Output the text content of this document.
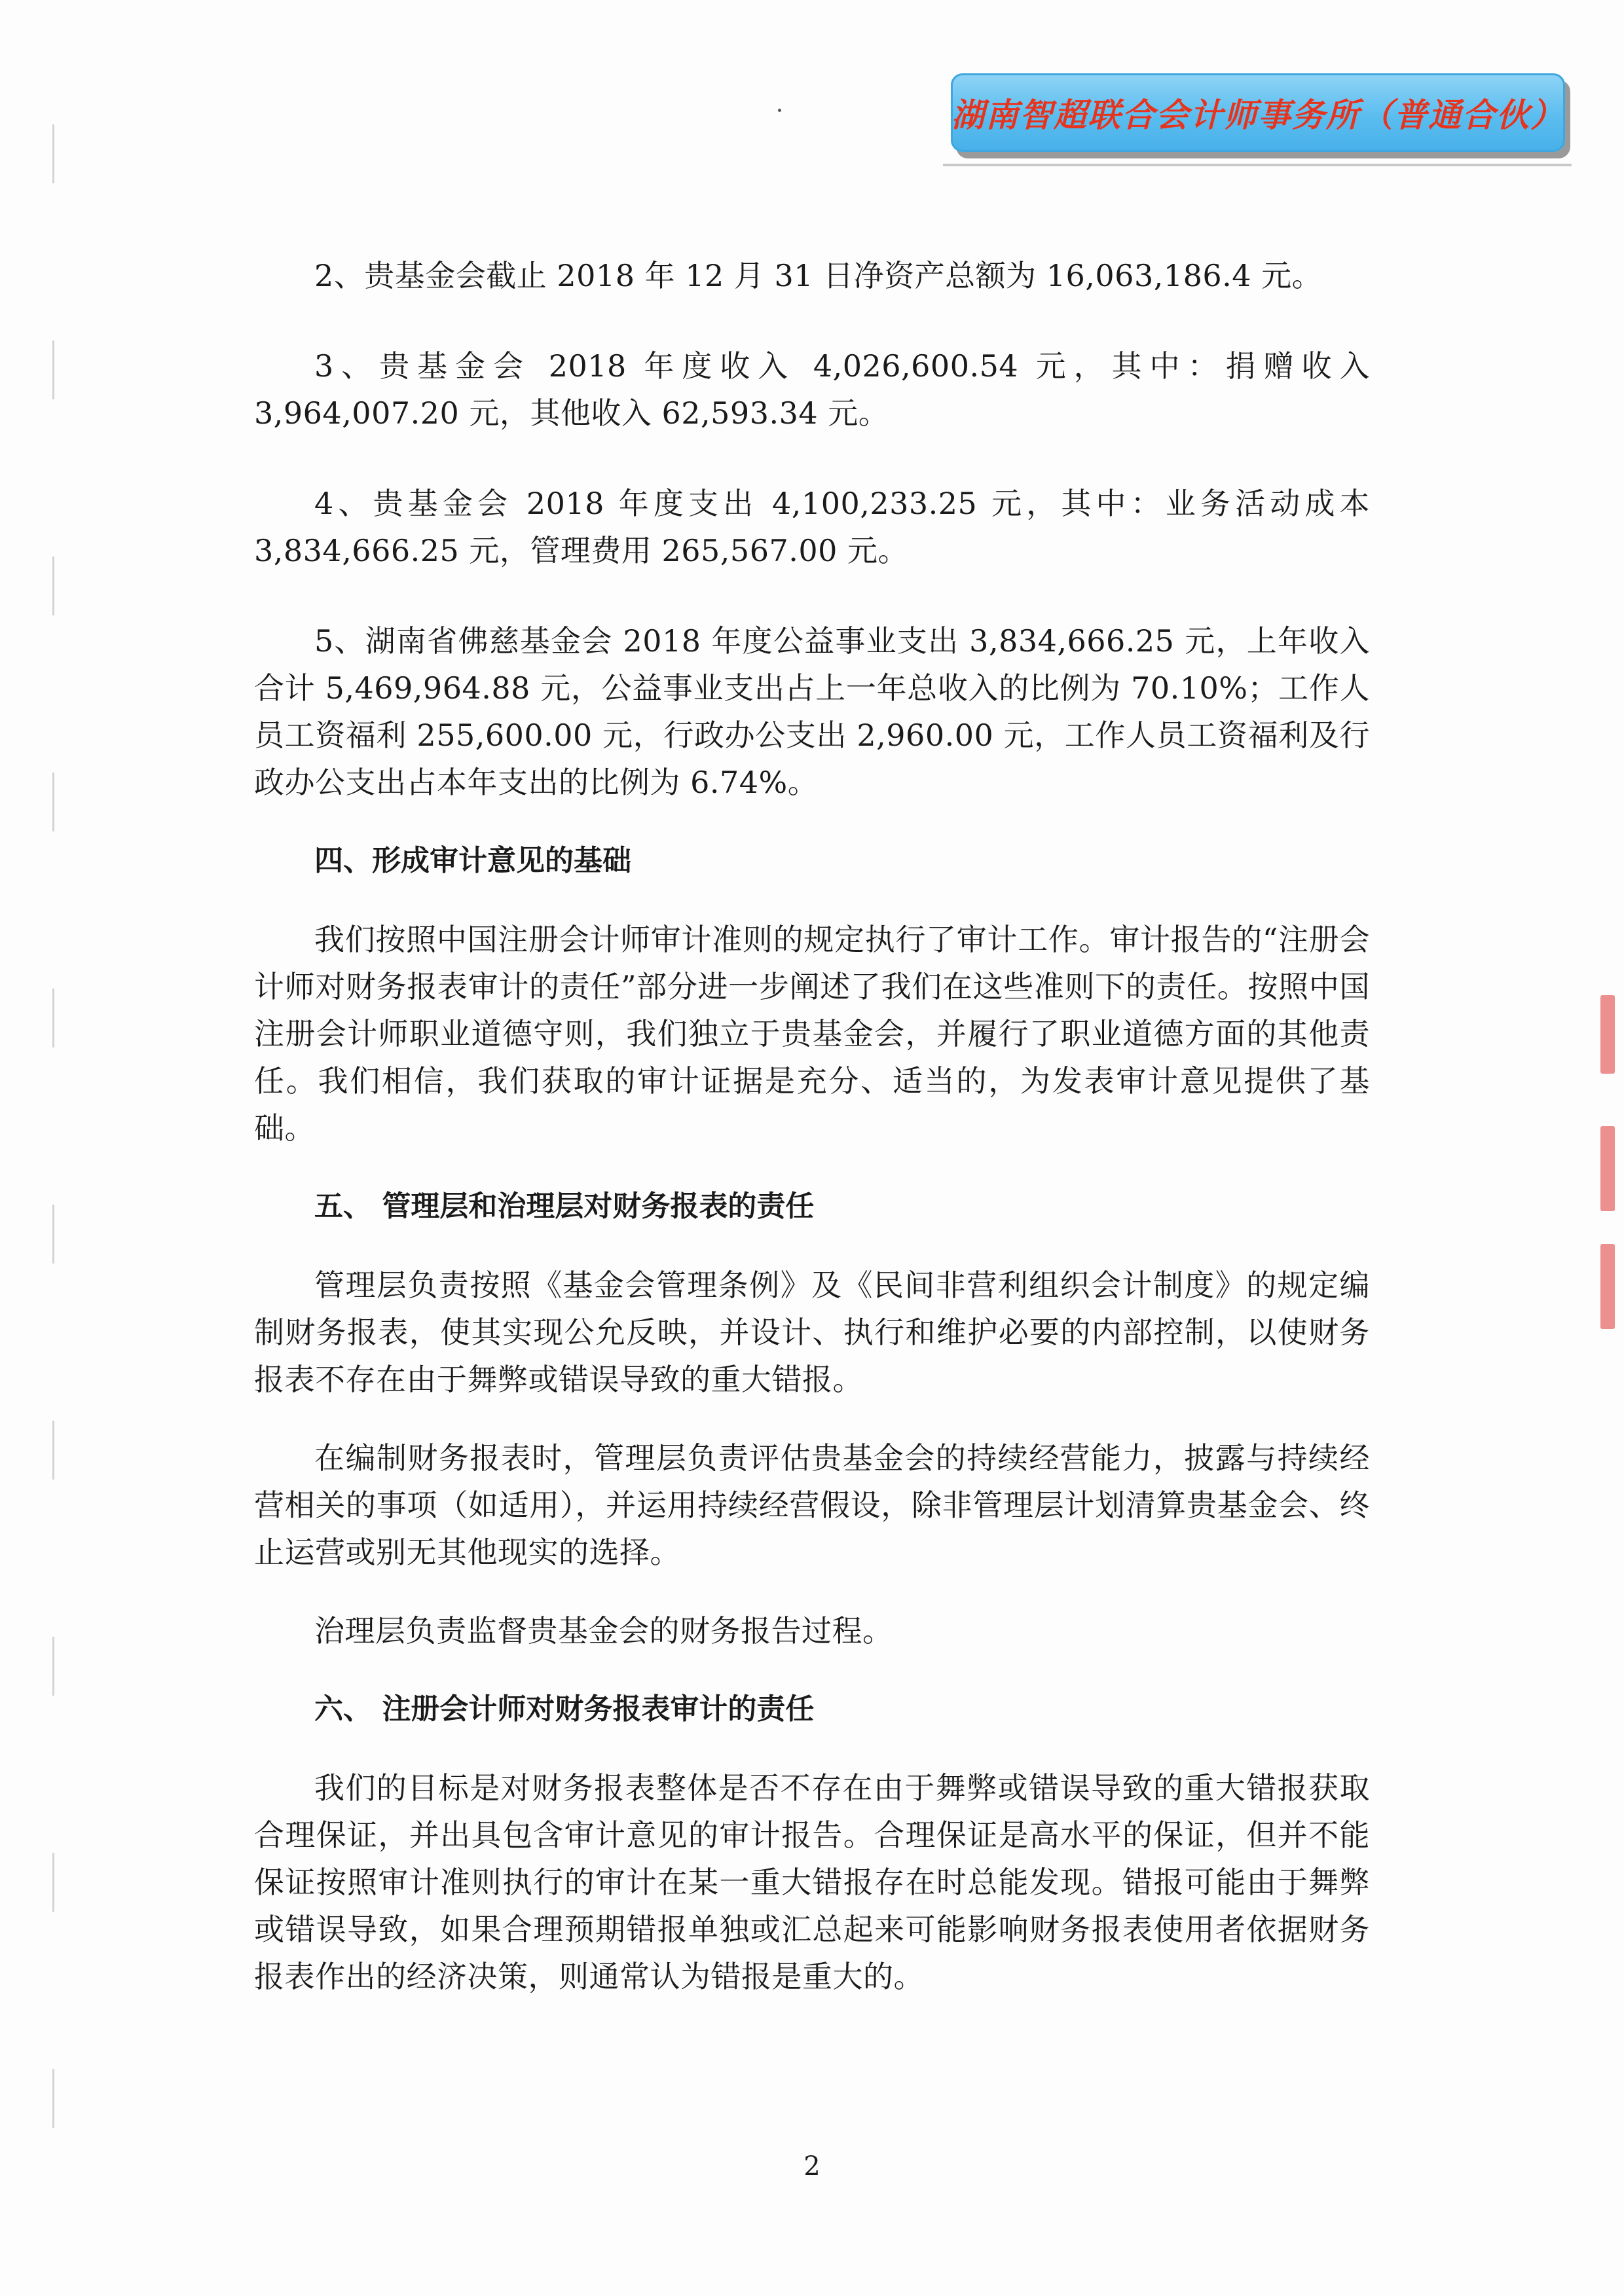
湖南智超联合会计师事务所（普通合伙）

2、贵基金会截止 2018 年 12 月 31 日净资产总额为 16,063,186.4 元。

3、贵基金会 2018 年度收入 4,026,600.54 元，其中：捐赠收入 3,964,007.20 元，其他收入 62,593.34 元。

4、贵基金会 2018 年度支出 4,100,233.25 元，其中：业务活动成本 3,834,666.25 元，管理费用 265,567.00 元。

5、湖南省佛慈基金会 2018 年度公益事业支出 3,834,666.25 元，上年收入合计 5,469,964.88 元，公益事业支出占上一年总收入的比例为 70.10%；工作人员工资福利 255,600.00 元，行政办公支出 2,960.00 元，工作人员工资福利及行政办公支出占本年支出的比例为 6.74%。

四、形成审计意见的基础

我们按照中国注册会计师审计准则的规定执行了审计工作。审计报告的“注册会计师对财务报表审计的责任”部分进一步阐述了我们在这些准则下的责任。按照中国注册会计师职业道德守则，我们独立于贵基金会，并履行了职业道德方面的其他责任。我们相信，我们获取的审计证据是充分、适当的，为发表审计意见提供了基础。

五、 管理层和治理层对财务报表的责任

管理层负责按照《基金会管理条例》及《民间非营利组织会计制度》的规定编制财务报表，使其实现公允反映，并设计、执行和维护必要的内部控制，以使财务报表不存在由于舞弊或错误导致的重大错报。

在编制财务报表时，管理层负责评估贵基金会的持续经营能力，披露与持续经营相关的事项（如适用），并运用持续经营假设，除非管理层计划清算贵基金会、终止运营或别无其他现实的选择。

治理层负责监督贵基金会的财务报告过程。

六、 注册会计师对财务报表审计的责任

我们的目标是对财务报表整体是否不存在由于舞弊或错误导致的重大错报获取合理保证，并出具包含审计意见的审计报告。合理保证是高水平的保证，但并不能保证按照审计准则执行的审计在某一重大错报存在时总能发现。错报可能由于舞弊或错误导致，如果合理预期错报单独或汇总起来可能影响财务报表使用者依据财务报表作出的经济决策，则通常认为错报是重大的。

2
